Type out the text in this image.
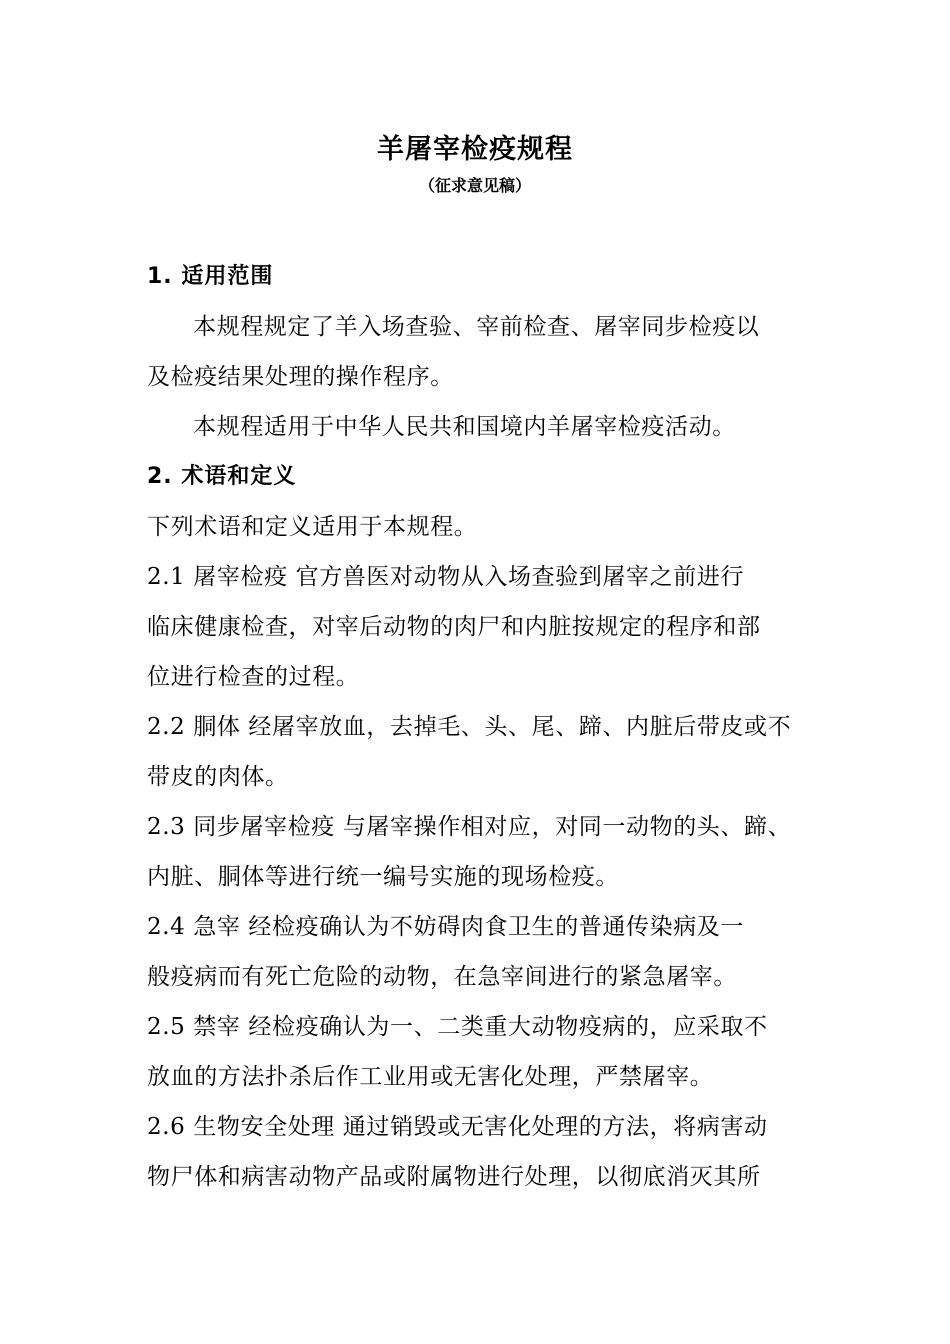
羊屠宰检疫规程
（征求意见稿）
1. 适用范围
本规程规定了羊入场查验、宰前检查、屠宰同步检疫以
及检疫结果处理的操作程序。
本规程适用于中华人民共和国境内羊屠宰检疫活动。
2. 术语和定义
下列术语和定义适用于本规程。
2.1 屠宰检疫 官方兽医对动物从入场查验到屠宰之前进行
临床健康检查，对宰后动物的肉尸和内脏按规定的程序和部
位进行检查的过程。
2.2 胴体 经屠宰放血，去掉毛、头、尾、蹄、内脏后带皮或不
带皮的肉体。
2.3 同步屠宰检疫 与屠宰操作相对应，对同一动物的头、蹄、
内脏、胴体等进行统一编号实施的现场检疫。
2.4 急宰 经检疫确认为不妨碍肉食卫生的普通传染病及一
般疫病而有死亡危险的动物，在急宰间进行的紧急屠宰。
2.5 禁宰 经检疫确认为一、二类重大动物疫病的，应采取不
放血的方法扑杀后作工业用或无害化处理，严禁屠宰。
2.6 生物安全处理 通过销毁或无害化处理的方法，将病害动
物尸体和病害动物产品或附属物进行处理，以彻底消灭其所
